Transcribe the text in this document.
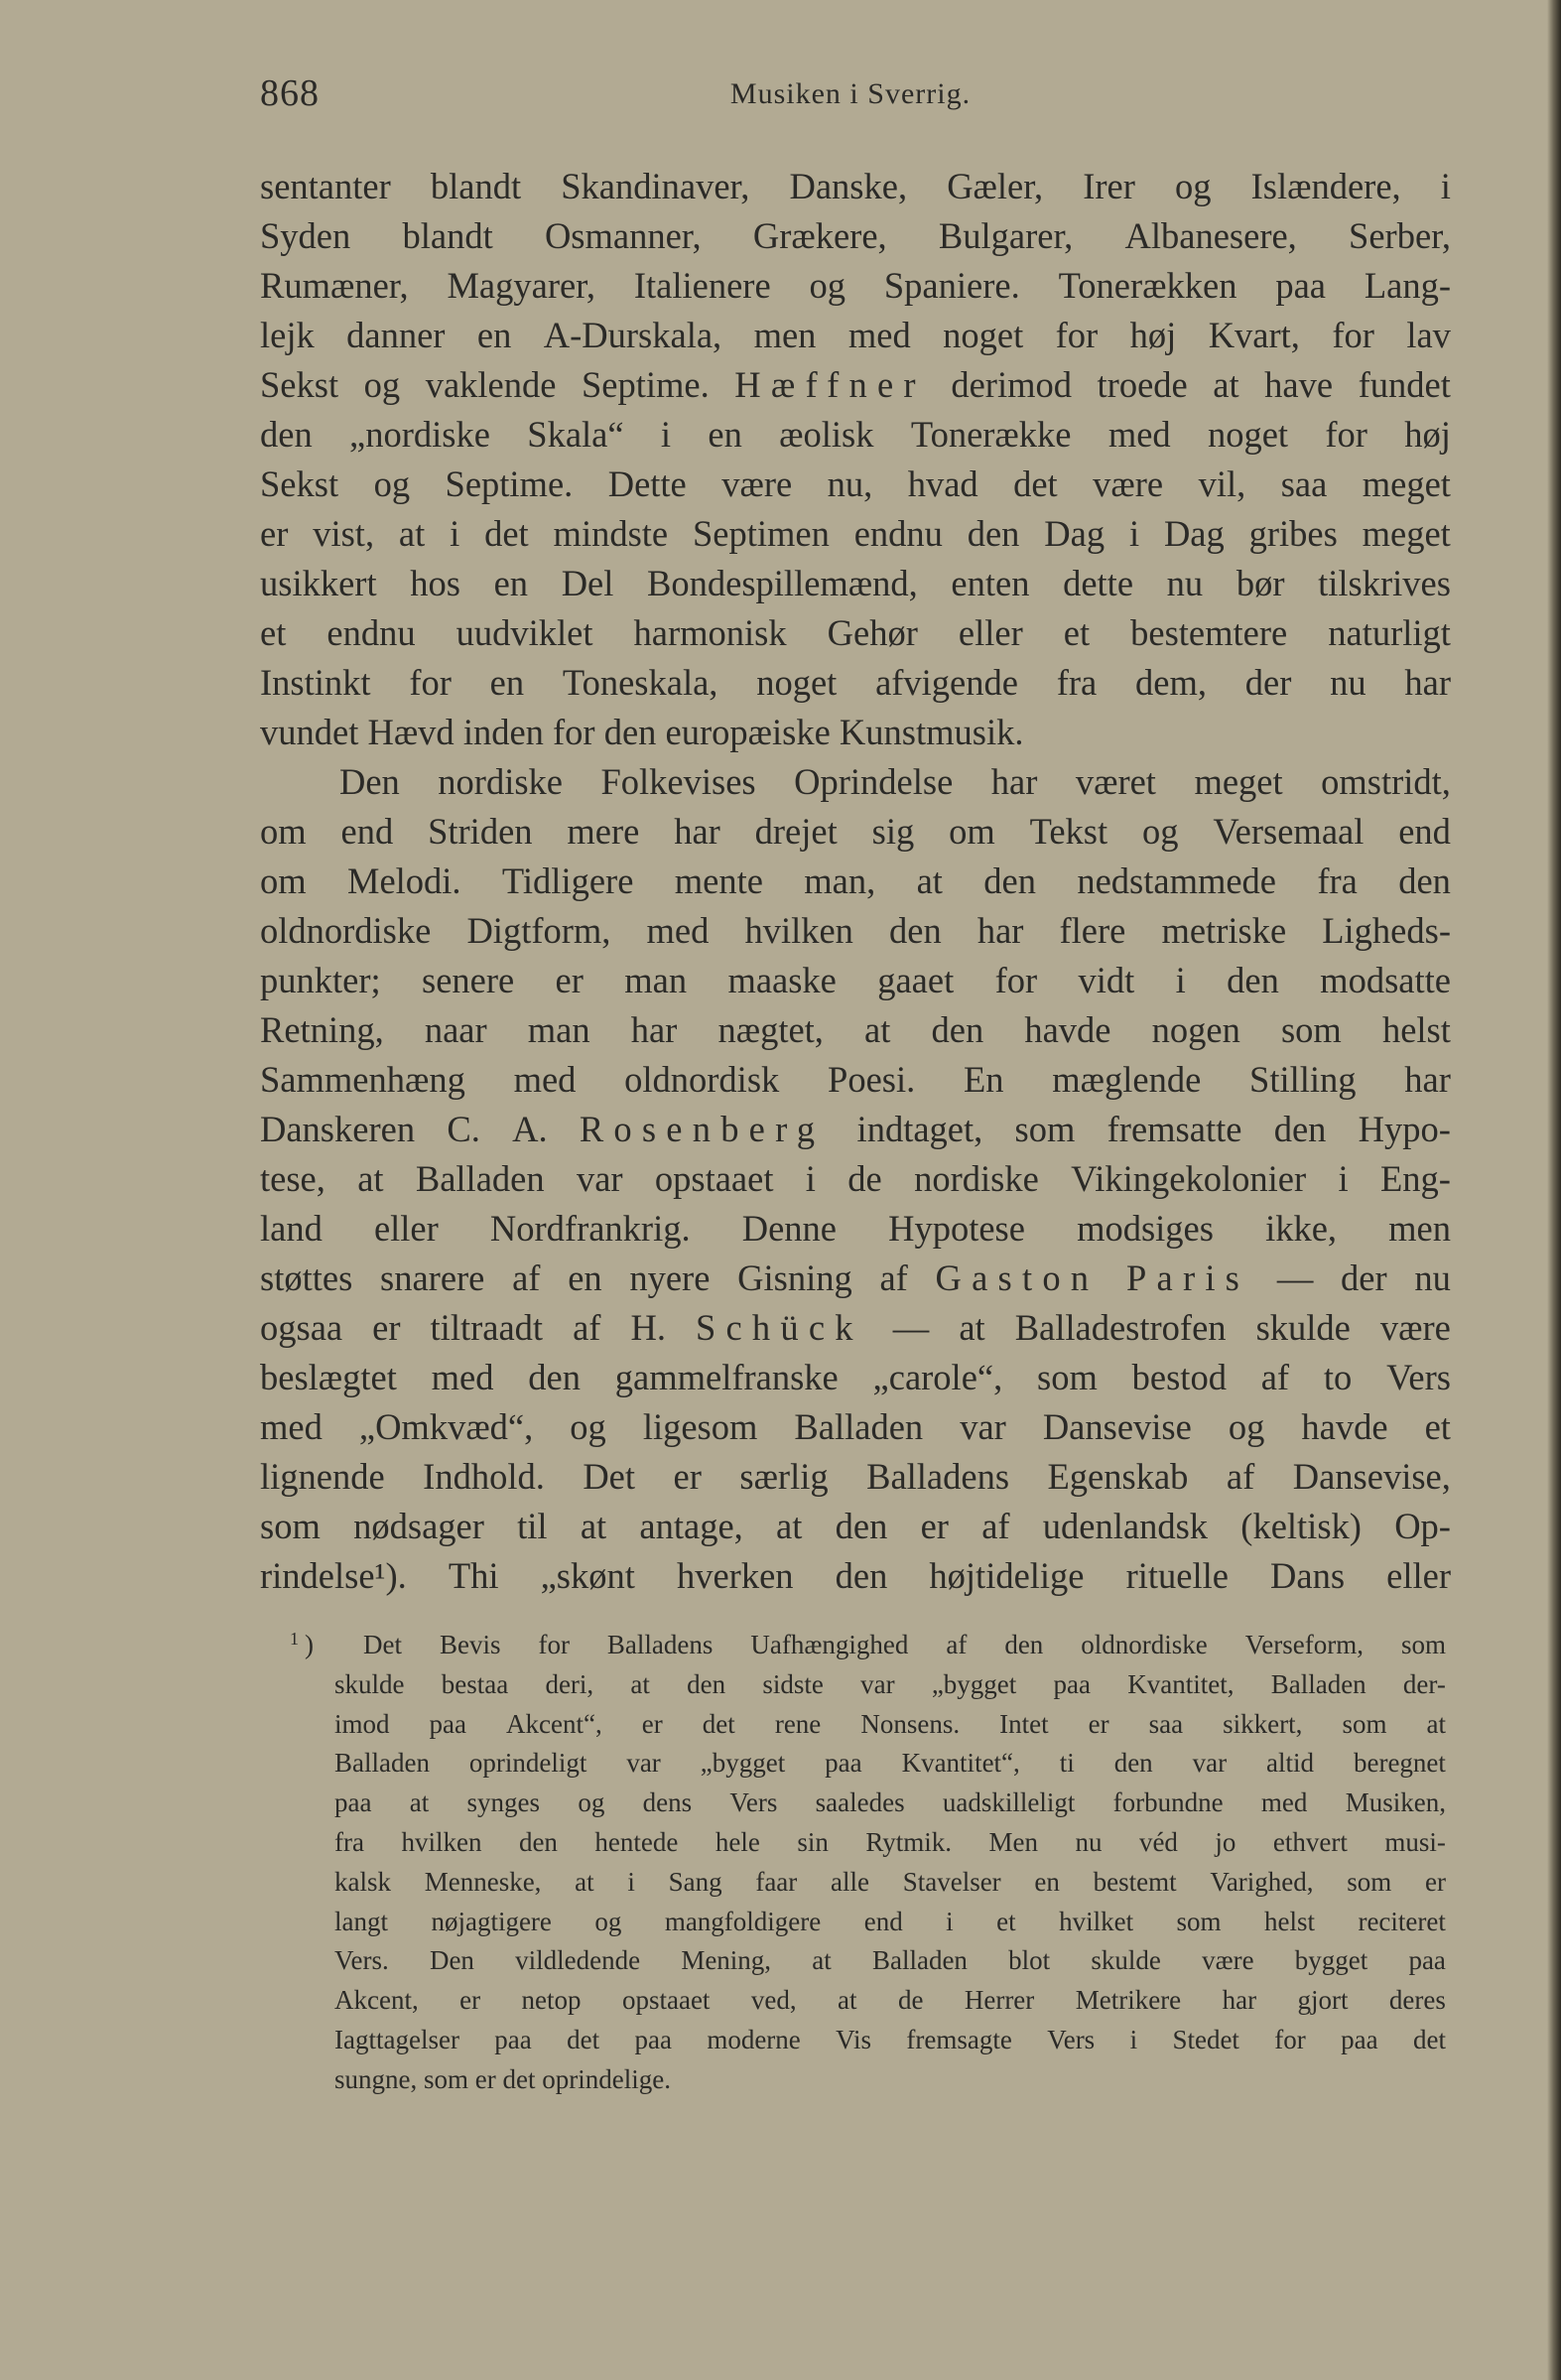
868	Musiken i Sverrig.
sentanter blandt Skandinaver, Danske, Gæler, Irer og Islændere, i
Syden blandt Osmanner, Grækere, Bulgarer, Albanesere, Serber,
Rumæner, Magyarer, Italienere og Spaniere. Tonerækken paa Lang-
lejk danner en A-Durskala, men med noget for høj Kvart, for lav
Sekst og vaklende Septime. Hæffner derimod troede at have fundet
den „nordiske Skala“ i en æolisk Tonerække med noget for høj
Sekst og Septime. Dette være nu, hvad det være vil, saa meget
er vist, at i det mindste Septimen endnu den Dag i Dag gribes meget
usikkert hos en Del Bondespillemænd, enten dette nu bør tilskrives
et endnu uudviklet harmonisk Gehør eller et bestemtere naturligt
Instinkt for en Toneskala, noget afvigende fra dem, der nu har
vundet
Hævd
inden
for
den
europæiske
Kunstmusik.
Den nordiske Folkevises Oprindelse har været meget omstridt,
om end Striden mere har drejet sig om Tekst og Versemaal end
om Melodi. Tidligere mente man, at den nedstammede fra den
oldnordiske Digtform, med hvilken den har flere metriske Ligheds-
punkter; senere er man maaske gaaet for vidt i den modsatte
Retning, naar man har nægtet, at den havde nogen som helst
Sammenhæng med oldnordisk Poesi. En mæglende Stilling har
Danskeren C. A. Rosenberg indtaget, som fremsatte den Hypo-
tese, at Balladen var opstaaet i de nordiske Vikingekolonier i Eng-
land eller Nordfrankrig. Denne Hypotese modsiges ikke, men
støttes snarere af en nyere Gisning af Gaston Paris — der nu
ogsaa er tiltraadt af H. Schück — at Balladestrofen skulde være
beslægtet med den gammelfranske „carole“, som bestod af to Vers
med „Omkvæd“, og ligesom Balladen var Dansevise og havde et
lignende Indhold. Det er særlig Balladens Egenskab af Dansevise,
som nødsager til at antage, at den er af udenlandsk (keltisk) Op-
rindelse¹). Thi „skønt hverken den højtidelige rituelle Dans eller
1 )	Det Bevis for Balladens Uafhængighed af den oldnordiske Verseform, som
skulde bestaa deri, at den sidste var „bygget paa Kvantitet, Balladen der-
imod paa Akcent“, er det rene Nonsens. Intet er saa sikkert, som at
Balladen oprindeligt var „bygget paa Kvantitet“, ti den var altid beregnet
paa at synges og dens Vers saaledes uadskilleligt forbundne med Musiken,
fra hvilken den hentede hele sin Rytmik. Men nu véd jo ethvert musi-
kalsk Menneske, at i Sang faar alle Stavelser en bestemt Varighed, som er
langt nøjagtigere og mangfoldigere end i et hvilket som helst reciteret
Vers. Den vildledende Mening, at Balladen blot skulde være bygget paa
Akcent, er netop opstaaet ved, at de Herrer Metrikere har gjort deres
Iagttagelser paa det paa moderne Vis fremsagte Vers i Stedet for paa det
sungne,
som
er
det
oprindelige.
